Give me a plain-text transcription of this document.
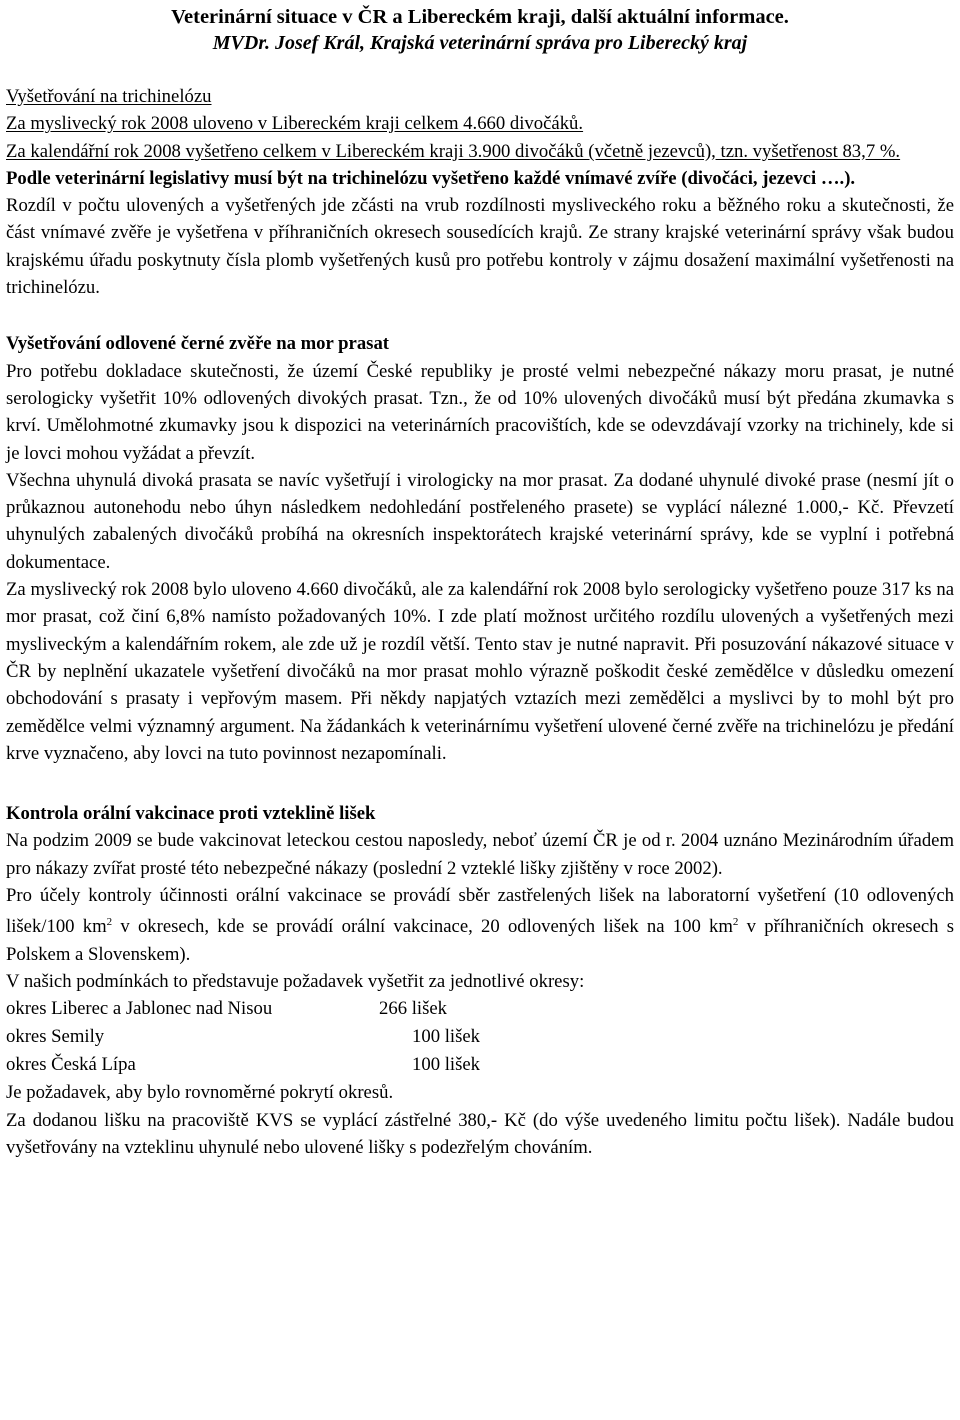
Veterinární situace v ČR a Libereckém kraji, další aktuální informace.
MVDr. Josef Král, Krajská veterinární správa pro Liberecký kraj

Vyšetřování na trichinelózu

Za myslivecký rok 2008 uloveno v Libereckém kraji celkem 4.660 divočáků.

Za kalendářní rok 2008 vyšetřeno celkem v Libereckém kraji 3.900 divočáků (včetně jezevců), tzn. vyšetřenost 83,7 %.

Podle veterinární legislativy musí být na trichinelózu vyšetřeno každé vnímavé zvíře (divočáci, jezevci ….).

Rozdíl v počtu ulovených a vyšetřených jde zčásti na vrub rozdílnosti mysliveckého roku a běžného roku a skutečnosti, že část vnímavé zvěře je vyšetřena v příhraničních okresech sousedících krajů. Ze strany krajské veterinární správy však budou krajskému úřadu poskytnuty čísla plomb vyšetřených kusů pro potřebu kontroly v zájmu dosažení maximální vyšetřenosti na trichinelózu.

Vyšetřování odlovené černé zvěře na mor prasat

Pro potřebu dokladace skutečnosti, že území České republiky je prosté velmi nebezpečné nákazy moru prasat, je nutné serologicky vyšetřit 10% odlovených divokých prasat. Tzn., že od 10% ulovených divočáků musí být předána zkumavka s krví. Umělohmotné zkumavky jsou k dispozici na veterinárních pracovištích, kde se odevzdávají vzorky na trichinely, kde si je lovci mohou vyžádat a převzít.

Všechna uhynulá divoká prasata se navíc vyšetřují i virologicky na mor prasat. Za dodané uhynulé divoké prase (nesmí jít o průkaznou autonehodu nebo úhyn následkem nedohledání postřeleného prasete) se vyplácí nálezné 1.000,- Kč. Převzetí uhynulých zabalených divočáků probíhá na okresních inspektorátech krajské veterinární správy, kde se vyplní i potřebná dokumentace.

Za myslivecký rok 2008 bylo uloveno 4.660 divočáků, ale za kalendářní rok 2008 bylo serologicky vyšetřeno pouze 317 ks na mor prasat, což činí 6,8% namísto požadovaných 10%. I zde platí možnost určitého rozdílu ulovených a vyšetřených mezi mysliveckým a kalendářním rokem, ale zde už je rozdíl větší. Tento stav je nutné napravit. Při posuzování nákazové situace v ČR by neplnění ukazatele vyšetření divočáků na mor prasat mohlo výrazně poškodit české zemědělce v důsledku omezení obchodování s prasaty i vepřovým masem. Při někdy napjatých vztazích mezi zemědělci a myslivci by to mohl být pro zemědělce velmi významný argument. Na žádankách k veterinárnímu vyšetření ulovené černé zvěře na trichinelózu je předání krve vyznačeno, aby lovci na tuto povinnost nezapomínali.

Kontrola orální vakcinace proti vzteklině lišek

Na podzim 2009 se bude vakcinovat leteckou cestou naposledy, neboť území ČR je od r. 2004 uznáno Mezinárodním úřadem pro nákazy zvířat prosté této nebezpečné nákazy (poslední 2 vzteklé lišky zjištěny v roce 2002).

Pro účely kontroly účinnosti orální vakcinace se provádí sběr zastřelených lišek na laboratorní vyšetření (10 odlovených lišek/100 $km^2$ v okresech, kde se provádí orální vakcinace, 20 odlovených lišek na 100 $km^2$ v příhraničních okresech s Polskem a Slovenskem).

V našich podmínkách to představuje požadavek vyšetřit za jednotlivé okresy:

okres Liberec a Jablonec nad Nisou	266 lišek
okres Semily	100 lišek
okres Česká Lípa	100 lišek

Je požadavek, aby bylo rovnoměrné pokrytí okresů.

Za dodanou lišku na pracoviště KVS se vyplácí zástřelné 380,- Kč (do výše uvedeného limitu počtu lišek). Nadále budou vyšetřovány na vzteklinu uhynulé nebo ulovené lišky s podezřelým chováním.
